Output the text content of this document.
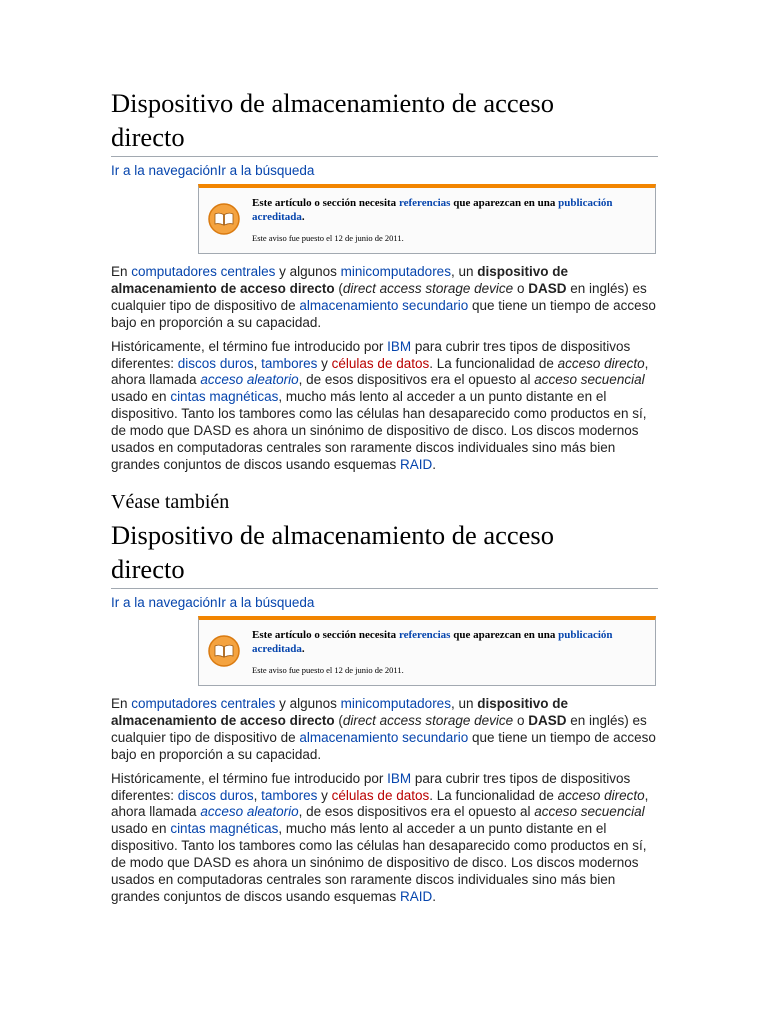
Dispositivo de almacenamiento de acceso
directo
Ir a la navegaciónIr a la búsqueda
Este artículo o sección necesita referencias que aparezcan en una publicación acreditada.
Este aviso fue puesto el 12 de junio de 2011.

En computadores centrales y algunos minicomputadores, un dispositivo de almacenamiento de acceso directo (direct access storage device o DASD en inglés) es cualquier tipo de dispositivo de almacenamiento secundario que tiene un tiempo de acceso bajo en proporción a su capacidad.

Históricamente, el término fue introducido por IBM para cubrir tres tipos de dispositivos diferentes: discos duros, tambores y células de datos. La funcionalidad de acceso directo, ahora llamada acceso aleatorio, de esos dispositivos era el opuesto al acceso secuencial usado en cintas magnéticas, mucho más lento al acceder a un punto distante en el dispositivo. Tanto los tambores como las células han desaparecido como productos en sí, de modo que DASD es ahora un sinónimo de dispositivo de disco. Los discos modernos usados en computadoras centrales son raramente discos individuales sino más bien grandes conjuntos de discos usando esquemas RAID.

Véase también
Dispositivo de almacenamiento de acceso
directo
Ir a la navegaciónIr a la búsqueda
Este artículo o sección necesita referencias que aparezcan en una publicación acreditada.
Este aviso fue puesto el 12 de junio de 2011.

En computadores centrales y algunos minicomputadores, un dispositivo de almacenamiento de acceso directo (direct access storage device o DASD en inglés) es cualquier tipo de dispositivo de almacenamiento secundario que tiene un tiempo de acceso bajo en proporción a su capacidad.

Históricamente, el término fue introducido por IBM para cubrir tres tipos de dispositivos diferentes: discos duros, tambores y células de datos. La funcionalidad de acceso directo, ahora llamada acceso aleatorio, de esos dispositivos era el opuesto al acceso secuencial usado en cintas magnéticas, mucho más lento al acceder a un punto distante en el dispositivo. Tanto los tambores como las células han desaparecido como productos en sí, de modo que DASD es ahora un sinónimo de dispositivo de disco. Los discos modernos usados en computadoras centrales son raramente discos individuales sino más bien grandes conjuntos de discos usando esquemas RAID.
